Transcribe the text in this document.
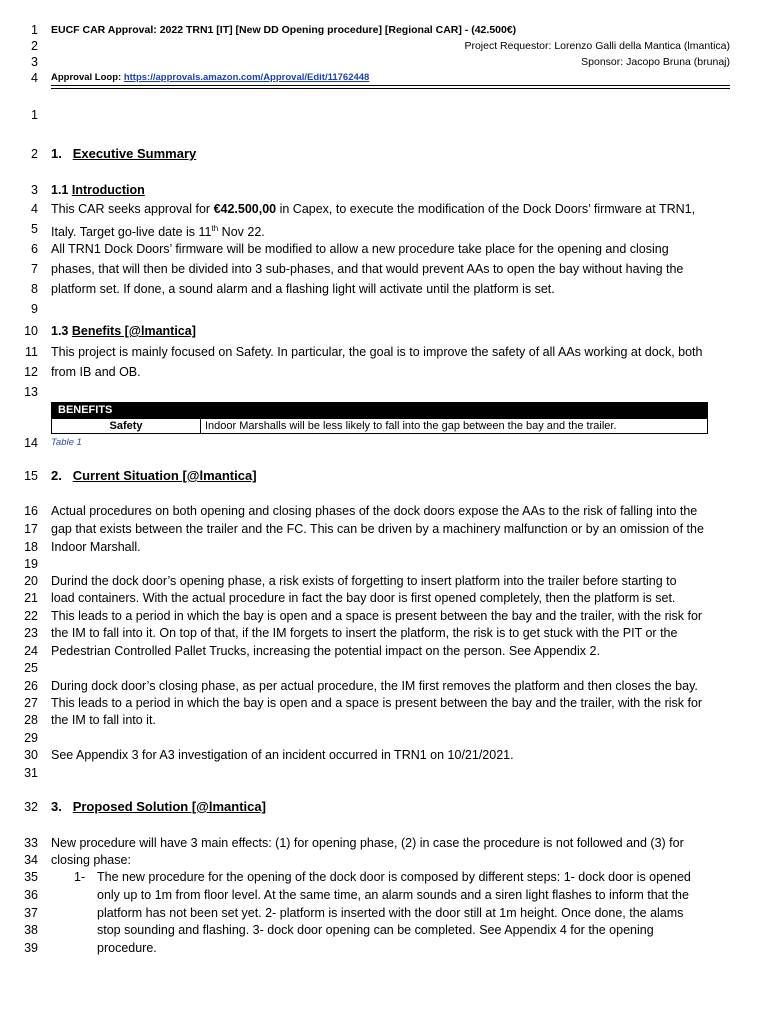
1
2
3
4
EUCF CAR Approval: 2022 TRN1 [IT] [New DD Opening procedure] [Regional CAR] - (42.500€)
Project Requestor: Lorenzo Galli della Mantica (lmantica)
Sponsor: Jacopo Bruna (brunaj)
Approval Loop: https://approvals.amazon.com/Approval/Edit/11762448
1
2 1. Executive Summary
3 1.1 Introduction
4 This CAR seeks approval for €42.500,00 in Capex, to execute the modification of the Dock Doors’ firmware at TRN1,
5 Italy. Target go-live date is 11th Nov 22.
6 All TRN1 Dock Doors’ firmware will be modified to allow a new procedure take place for the opening and closing
7 phases, that will then be divided into 3 sub-phases, and that would prevent AAs to open the bay without having the
8 platform set. If done, a sound alarm and a flashing light will activate until the platform is set.
9
10 1.3 Benefits [@lmantica]
11 This project is mainly focused on Safety. In particular, the goal is to improve the safety of all AAs working at dock, both
12 from IB and OB.
13
BENEFITS
Safety	Indoor Marshalls will be less likely to fall into the gap between the bay and the trailer.
14 Table 1
15 2. Current Situation [@lmantica]
16 Actual procedures on both opening and closing phases of the dock doors expose the AAs to the risk of falling into the
17 gap that exists between the trailer and the FC. This can be driven by a machinery malfunction or by an omission of the
18 Indoor Marshall.
19
20 Durind the dock door’s opening phase, a risk exists of forgetting to insert platform into the trailer before starting to
21 load containers. With the actual procedure in fact the bay door is first opened completely, then the platform is set.
22 This leads to a period in which the bay is open and a space is present between the bay and the trailer, with the risk for
23 the IM to fall into it. On top of that, if the IM forgets to insert the platform, the risk is to get stuck with the PIT or the
24 Pedestrian Controlled Pallet Trucks, increasing the potential impact on the person. See Appendix 2.
25
26 During dock door’s closing phase, as per actual procedure, the IM first removes the platform and then closes the bay.
27 This leads to a period in which the bay is open and a space is present between the bay and the trailer, with the risk for
28 the IM to fall into it.
29
30 See Appendix 3 for A3 investigation of an incident occurred in TRN1 on 10/21/2021.
31
32 3. Proposed Solution [@lmantica]
33 New procedure will have 3 main effects: (1) for opening phase, (2) in case the procedure is not followed and (3) for
34 closing phase:
35	1- The new procedure for the opening of the dock door is composed by different steps: 1- dock door is opened
36	only up to 1m from floor level. At the same time, an alarm sounds and a siren light flashes to inform that the
37	platform has not been set yet. 2- platform is inserted with the door still at 1m height. Once done, the alams
38	stop sounding and flashing. 3- dock door opening can be completed. See Appendix 4 for the opening
39	procedure.
